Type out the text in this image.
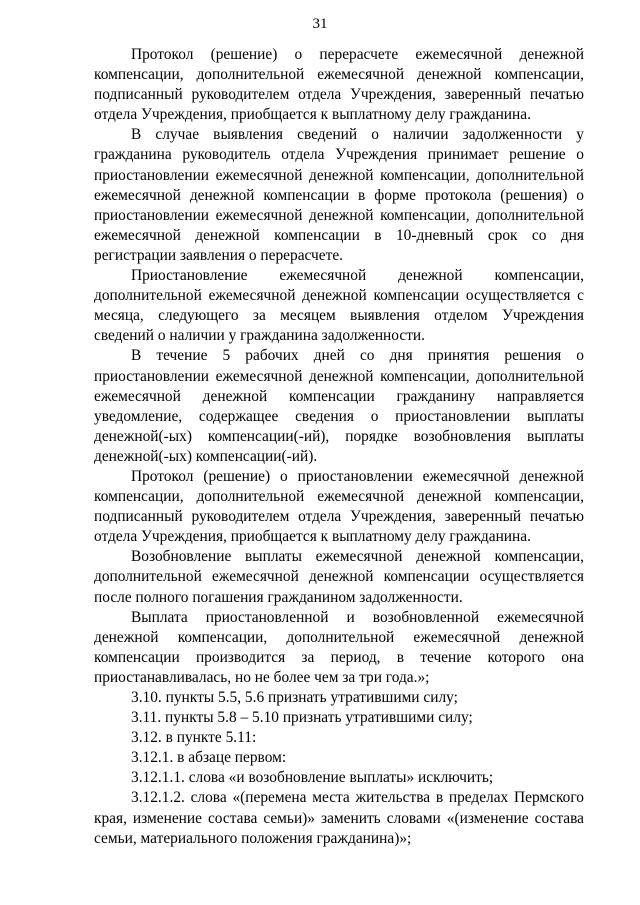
31

Протокол (решение) о перерасчете ежемесячной денежной компенсации, дополнительной ежемесячной денежной компенсации, подписанный руководителем отдела Учреждения, заверенный печатью отдела Учреждения, приобщается к выплатному делу гражданина.

В случае выявления сведений о наличии задолженности у гражданина руководитель отдела Учреждения принимает решение о приостановлении ежемесячной денежной компенсации, дополнительной ежемесячной денежной компенсации в форме протокола (решения) о приостановлении ежемесячной денежной компенсации, дополнительной ежемесячной денежной компенсации в 10-дневный срок со дня регистрации заявления о перерасчете.

Приостановление ежемесячной денежной компенсации, дополнительной ежемесячной денежной компенсации осуществляется с месяца, следующего за месяцем выявления отделом Учреждения сведений о наличии у гражданина задолженности.

В течение 5 рабочих дней со дня принятия решения о приостановлении ежемесячной денежной компенсации, дополнительной ежемесячной денежной компенсации гражданину направляется уведомление, содержащее сведения о приостановлении выплаты денежной(-ых) компенсации(-ий), порядке возобновления выплаты денежной(-ых) компенсации(-ий).

Протокол (решение) о приостановлении ежемесячной денежной компенсации, дополнительной ежемесячной денежной компенсации, подписанный руководителем отдела Учреждения, заверенный печатью отдела Учреждения, приобщается к выплатному делу гражданина.

Возобновление выплаты ежемесячной денежной компенсации, дополнительной ежемесячной денежной компенсации осуществляется после полного погашения гражданином задолженности.

Выплата приостановленной и возобновленной ежемесячной денежной компенсации, дополнительной ежемесячной денежной компенсации производится за период, в течение которого она приостанавливалась, но не более чем за три года.»;

3.10. пункты 5.5, 5.6 признать утратившими силу;

3.11. пункты 5.8 – 5.10 признать утратившими силу;

3.12. в пункте 5.11:

3.12.1. в абзаце первом:

3.12.1.1. слова «и возобновление выплаты» исключить;

3.12.1.2. слова «(перемена места жительства в пределах Пермского края, изменение состава семьи)» заменить словами «(изменение состава семьи, материального положения гражданина)»;
